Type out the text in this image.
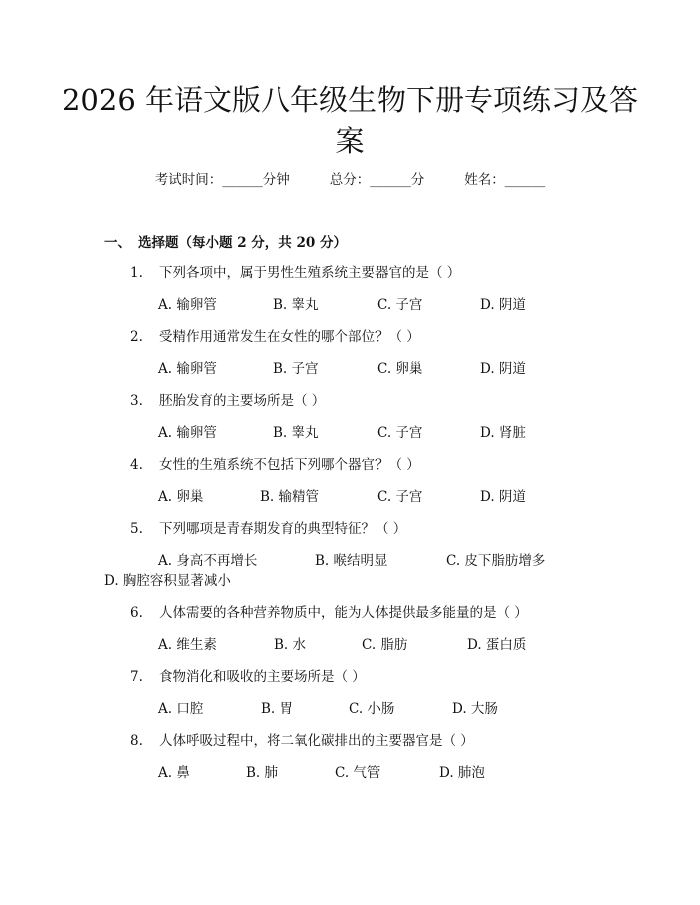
2026 年语文版八年级生物下册专项练习及答
案
考试时间：______分钟	总分：______分	姓名：______
一、 选择题（每小题 2 分，共 20 分）
1. 下列各项中，属于男性生殖系统主要器官的是（ ）
A. 输卵管	B. 睾丸	C. 子宫	D. 阴道
2. 受精作用通常发生在女性的哪个部位？（ ）
A. 输卵管	B. 子宫	C. 卵巢	D. 阴道
3. 胚胎发育的主要场所是（ ）
A. 输卵管	B. 睾丸	C. 子宫	D. 肾脏
4. 女性的生殖系统不包括下列哪个器官？（ ）
A. 卵巢	B. 输精管	C. 子宫	D. 阴道
5. 下列哪项是青春期发育的典型特征？（ ）
A. 身高不再增长	B. 喉结明显	C. 皮下脂肪增多
D. 胸腔容积显著减小
6. 人体需要的各种营养物质中，能为人体提供最多能量的是（ ）
A. 维生素	B. 水	C. 脂肪	D. 蛋白质
7. 食物消化和吸收的主要场所是（ ）
A. 口腔	B. 胃	C. 小肠	D. 大肠
8. 人体呼吸过程中，将二氧化碳排出的主要器官是（ ）
A. 鼻	B. 肺	C. 气管	D. 肺泡
